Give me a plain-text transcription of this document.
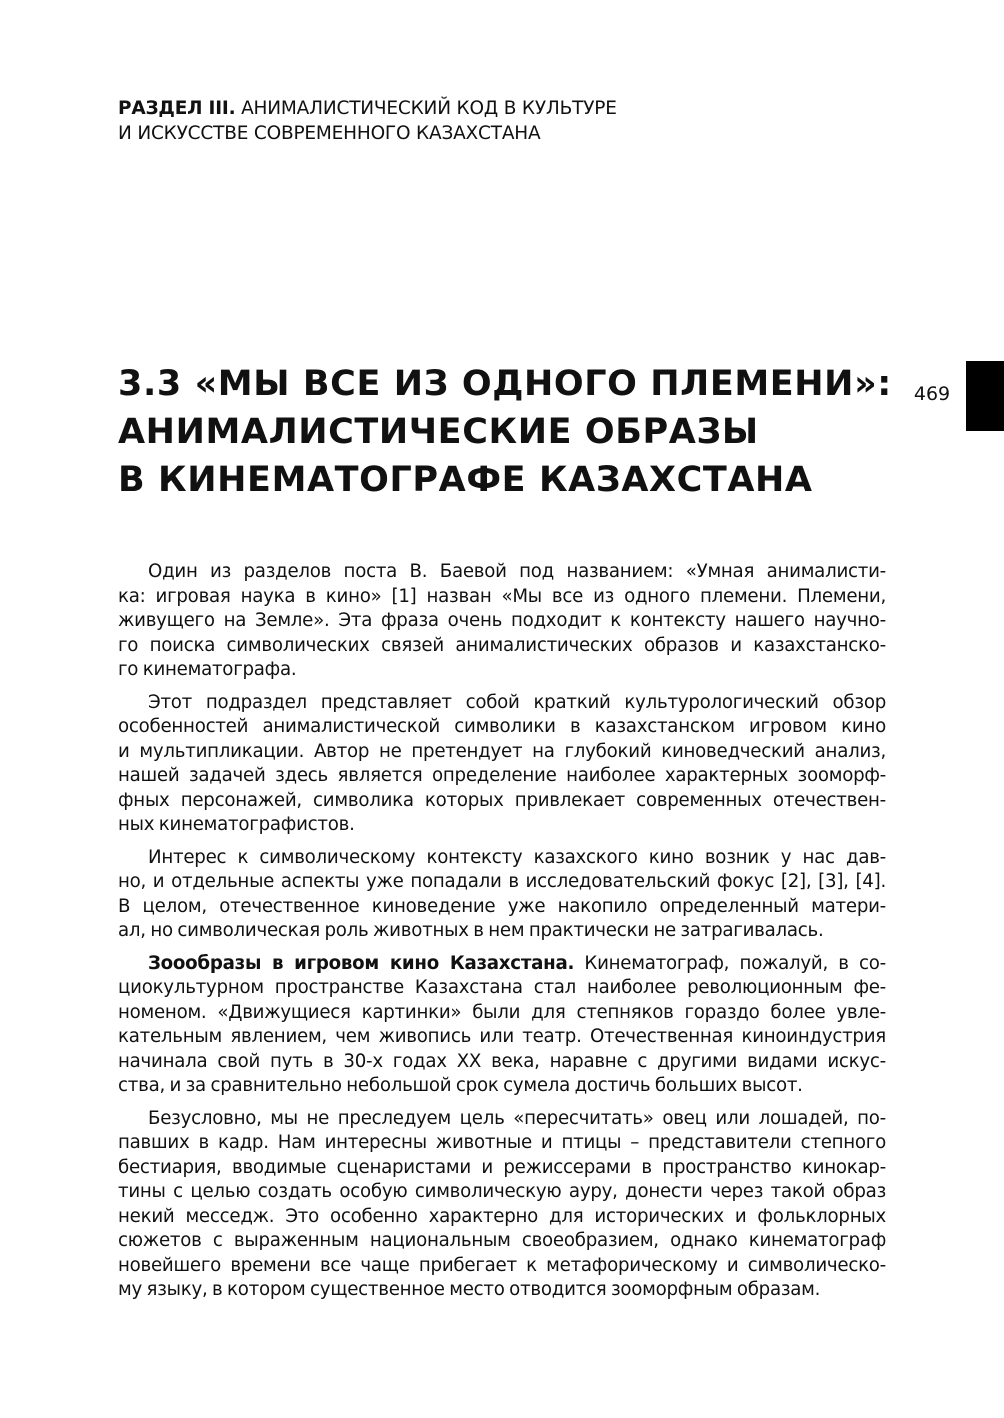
РАЗДЕЛ III. АНИМАЛИСТИЧЕСКИЙ КОД В КУЛЬТУРЕ
И ИСКУССТВЕ СОВРЕМЕННОГО КАЗАХСТАНА
469
3.3 «МЫ ВСЕ ИЗ ОДНОГО ПЛЕМЕНИ»:
АНИМАЛИСТИЧЕСКИЕ ОБРАЗЫ
В КИНЕМАТОГРАФЕ КАЗАХСТАНА

Один из разделов поста В. Баевой под названием: «Умная анималисти-
ка: игровая наука в кино» [1] назван «Мы все из одного племени. Племени,
живущего на Земле». Эта фраза очень подходит к контексту нашего научно-
го поиска символических связей анималистических образов и казахстанско-
го кинематографа.

Этот подраздел представляет собой краткий культурологический обзор
особенностей анималистической символики в казахстанском игровом кино
и мультипликации. Автор не претендует на глубокий киноведческий анализ,
нашей задачей здесь является определение наиболее характерных зооморф-
фных персонажей, символика которых привлекает современных отечествен-
ных кинематографистов.

Интерес к символическому контексту казахского кино возник у нас дав-
но, и отдельные аспекты уже попадали в исследовательский фокус [2], [3], [4].
В целом, отечественное киноведение уже накопило определенный матери-
ал, но символическая роль животных в нем практически не затрагивалась.

Зоообразы в игровом кино Казахстана. Кинематограф, пожалуй, в со-
циокультурном пространстве Казахстана стал наиболее революционным фе-
номеном. «Движущиеся картинки» были для степняков гораздо более увле-
кательным явлением, чем живопись или театр. Отечественная киноиндустрия
начинала свой путь в 30-х годах XX века, наравне с другими видами искус-
ства, и за сравнительно небольшой срок сумела достичь больших высот.

Безусловно, мы не преследуем цель «пересчитать» овец или лошадей, по-
павших в кадр. Нам интересны животные и птицы – представители степного
бестиария, вводимые сценаристами и режиссерами в пространство кинокар-
тины с целью создать особую символическую ауру, донести через такой образ
некий месседж. Это особенно характерно для исторических и фольклорных
сюжетов с выраженным национальным своеобразием, однако кинематограф
новейшего времени все чаще прибегает к метафорическому и символическо-
му языку, в котором существенное место отводится зооморфным образам.
